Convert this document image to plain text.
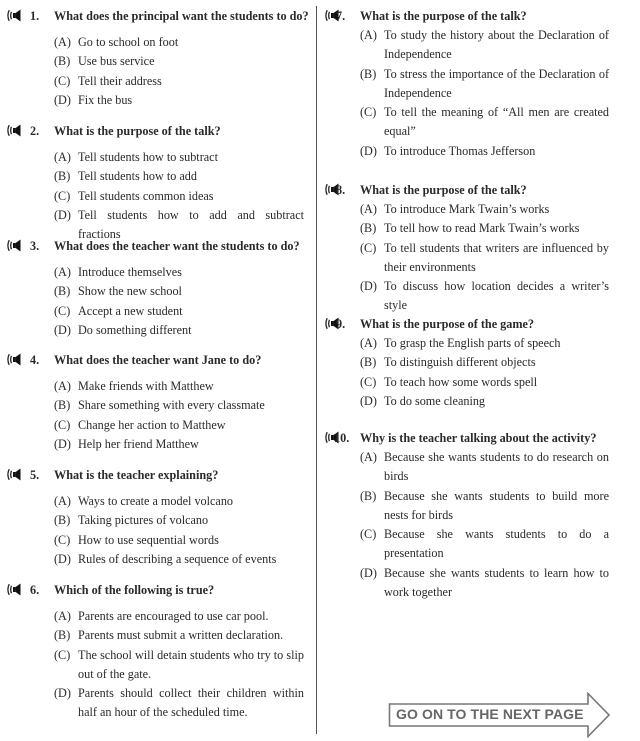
1. What does the principal want the students to do?
(A) Go to school on foot
(B) Use bus service
(C) Tell their address
(D) Fix the bus
2. What is the purpose of the talk?
(A) Tell students how to subtract
(B) Tell students how to add
(C) Tell students common ideas
(D) Tell students how to add and subtract fractions
3. What does the teacher want the students to do?
(A) Introduce themselves
(B) Show the new school
(C) Accept a new student
(D) Do something different
4. What does the teacher want Jane to do?
(A) Make friends with Matthew
(B) Share something with every classmate
(C) Change her action to Matthew
(D) Help her friend Matthew
5. What is the teacher explaining?
(A) Ways to create a model volcano
(B) Taking pictures of volcano
(C) How to use sequential words
(D) Rules of describing a sequence of events
6. Which of the following is true?
(A) Parents are encouraged to use car pool.
(B) Parents must submit a written declaration.
(C) The school will detain students who try to slip out of the gate.
(D) Parents should collect their children within half an hour of the scheduled time.
7. What is the purpose of the talk?
(A) To study the history about the Declaration of Independence
(B) To stress the importance of the Declaration of Independence
(C) To tell the meaning of “All men are created equal”
(D) To introduce Thomas Jefferson
8. What is the purpose of the talk?
(A) To introduce Mark Twain’s works
(B) To tell how to read Mark Twain’s works
(C) To tell students that writers are influenced by their environments
(D) To discuss how location decides a writer’s style
9. What is the purpose of the game?
(A) To grasp the English parts of speech
(B) To distinguish different objects
(C) To teach how some words spell
(D) To do some cleaning
10. Why is the teacher talking about the activity?
(A) Because she wants students to do research on birds
(B) Because she wants students to build more nests for birds
(C) Because she wants students to do a presentation
(D) Because she wants students to learn how to work together
GO ON TO THE NEXT PAGE
